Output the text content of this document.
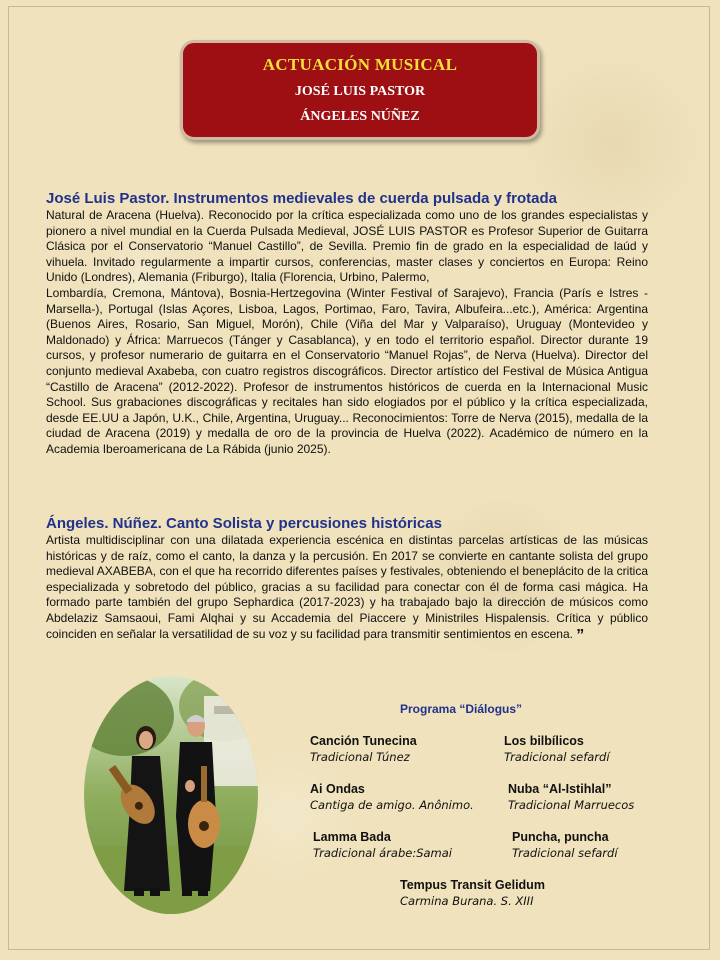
ACTUACIÓN MUSICAL
JOSÉ LUIS PASTOR
ÁNGELES NÚÑEZ
José Luis Pastor. Instrumentos medievales de cuerda pulsada y frotada

Natural de Aracena (Huelva). Reconocido por la crítica especializada como uno de los grandes especialistas y pionero a nivel mundial en la Cuerda Pulsada Medieval, JOSÉ LUIS PASTOR es Profesor Superior de Guitarra Clásica por el Conservatorio “Manuel Castillo”, de Sevilla. Premio fin de grado en la especialidad de laúd y vihuela. Invitado regularmente a impartir cursos, conferencias, master clases y conciertos en Europa: Reino Unido (Londres), Alemania (Friburgo), Italia (Florencia, Urbino, Palermo,

Lombardía, Cremona, Mántova), Bosnia-Hertzegovina (Winter Festival of Sarajevo), Francia (París e Istres -Marsella-), Portugal (Islas Açores, Lisboa, Lagos, Portimao, Faro, Tavira, Albufeira...etc.), América: Argentina (Buenos Aires, Rosario, San Miguel, Morón), Chile (Viña del Mar y Valparaíso), Uruguay (Montevideo y Maldonado) y África: Marruecos (Tánger y Casablanca), y en todo el territorio español. Director durante 19 cursos, y profesor numerario de guitarra en el Conservatorio “Manuel Rojas”, de Nerva (Huelva). Director del conjunto medieval Axabeba, con cuatro registros discográficos. Director artístico del Festival de Música Antigua “Castillo de Aracena” (2012-2022). Profesor de instrumentos históricos de cuerda en la Internacional Music School. Sus grabaciones discográficas y recitales han sido elogiados por el público y la crítica especializada, desde EE.UU a Japón, U.K., Chile, Argentina, Uruguay... Reconocimientos: Torre de Nerva (2015), medalla de la ciudad de Aracena (2019) y medalla de oro de la provincia de Huelva (2022). Académico de número en la Academia Iberoamericana de La Rábida (junio 2025).

Ángeles. Núñez. Canto Solista y percusiones históricas

Artista multidisciplinar con una dilatada experiencia escénica en distintas parcelas artísticas de las músicas históricas y de raíz, como el canto, la danza y la percusión. En 2017 se convierte en cantante solista del grupo medieval AXABEBA, con el que ha recorrido diferentes países y festivales, obteniendo el beneplácito de la critica especializada y sobretodo del público, gracias a su facilidad para conectar con él de forma casi mágica. Ha formado parte también del grupo Sephardica (2017-2023) y ha trabajado bajo la dirección de músicos como Abdelaziz Samsaoui, Fami Alqhai y su Accademia del Piaccere y Ministriles Hispalensis. Crítica y público coinciden en señalar la versatilidad de su voz y su facilidad para transmitir sentimientos en escena. ”

Programa “Diálogus”
Canción Tunecina
Tradicional Túnez
Los bilbílicos
Tradicional sefardí
Ai Ondas
Cantiga de amigo. Anônimo.
Nuba “Al-Istihlal”
Tradicional Marruecos
Lamma Bada
Tradicional árabe:Samai
Puncha, puncha
Tradicional sefardí
Tempus Transit Gelidum
Carmina Burana. S. XIII
